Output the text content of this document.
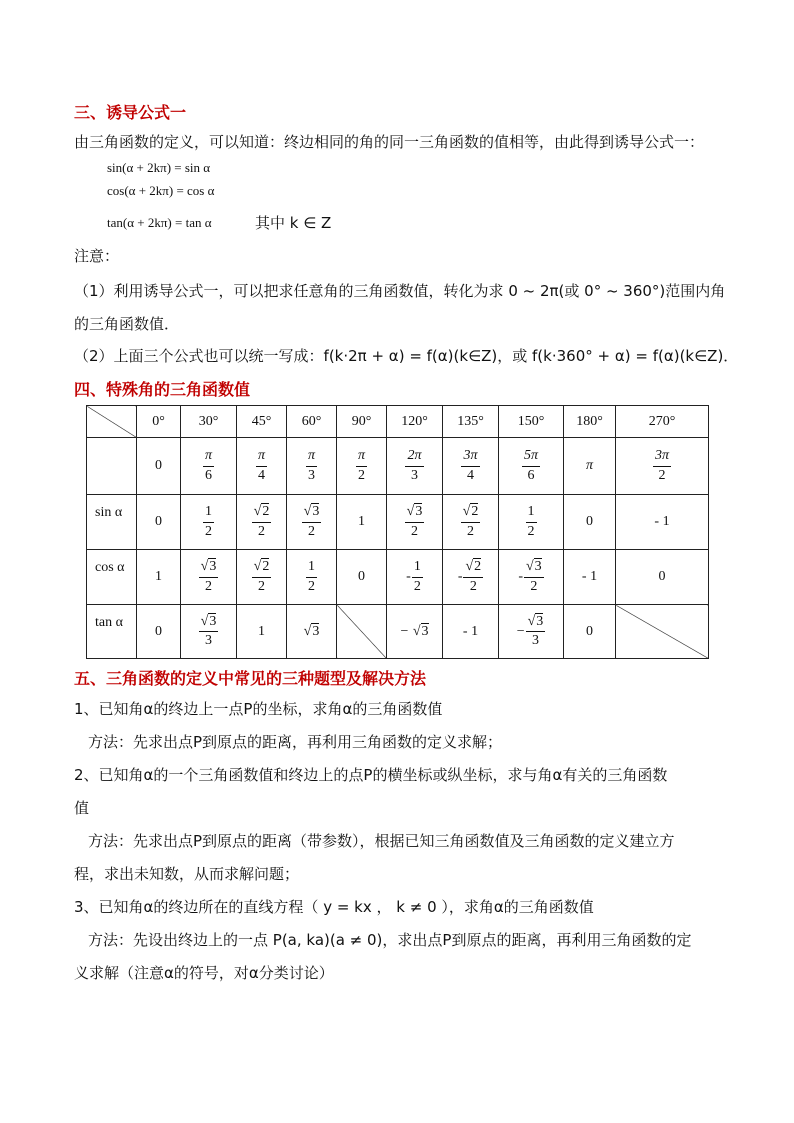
三、诱导公式一
由三角函数的定义，可以知道：终边相同的角的同一三角函数的值相等，由此得到诱导公式一：
sin(α + 2kπ) = sin α
cos(α + 2kπ) = cos α
tan(α + 2kπ) = tan α	其中 k ∈ Z
注意：
（1）利用诱导公式一，可以把求任意角的三角函数值，转化为求 0 ~ 2π(或 0° ~ 360°)范围内角
的三角函数值．
（2）上面三个公式也可以统一写成：f(k·2π + α) = f(α)(k∈Z)，或 f(k·360° + α) = f(α)(k∈Z)．
四、特殊角的三角函数值
	0°	30°	45°	60°	90°	120°	135°	150°	180°	270°
	0	$\frac{\pi}{6}$	$\frac{\pi}{4}$	$\frac{\pi}{3}$	$\frac{\pi}{2}$	$\frac{2\pi}{3}$	$\frac{3\pi}{4}$	$\frac{5\pi}{6}$	π	$\frac{3\pi}{2}$

sin α	0	$\frac{1}{2}$	$\frac{√2}{2}$	$\frac{√3}{2}$	1	$\frac{√3}{2}$	$\frac{√2}{2}$	$\frac{1}{2}$	0	- 1
cos α	1	$\frac{√3}{2}$	$\frac{√2}{2}$	$\frac{1}{2}$	0	- $\frac{1}{2}$	- $\frac{√2}{2}$	- $\frac{√3}{2}$	- 1	0
tan α	0	$\frac{√3}{3}$	1	√3		− √3	- 1	− $\frac{√3}{3}$	0	
五、三角函数的定义中常见的三种题型及解决方法
1、已知角α的终边上一点P的坐标，求角α的三角函数值
方法：先求出点P到原点的距离，再利用三角函数的定义求解；
2、已知角α的一个三角函数值和终边上的点P的横坐标或纵坐标，求与角α有关的三角函数
值
方法：先求出点P到原点的距离（带参数），根据已知三角函数值及三角函数的定义建立方
程，求出未知数，从而求解问题；
3、已知角α的终边所在的直线方程（ y = kx ， k ≠ 0 ），求角α的三角函数值
方法：先设出终边上的一点 P(a, ka)(a ≠ 0)，求出点P到原点的距离，再利用三角函数的定
义求解（注意α的符号，对α分类讨论）
